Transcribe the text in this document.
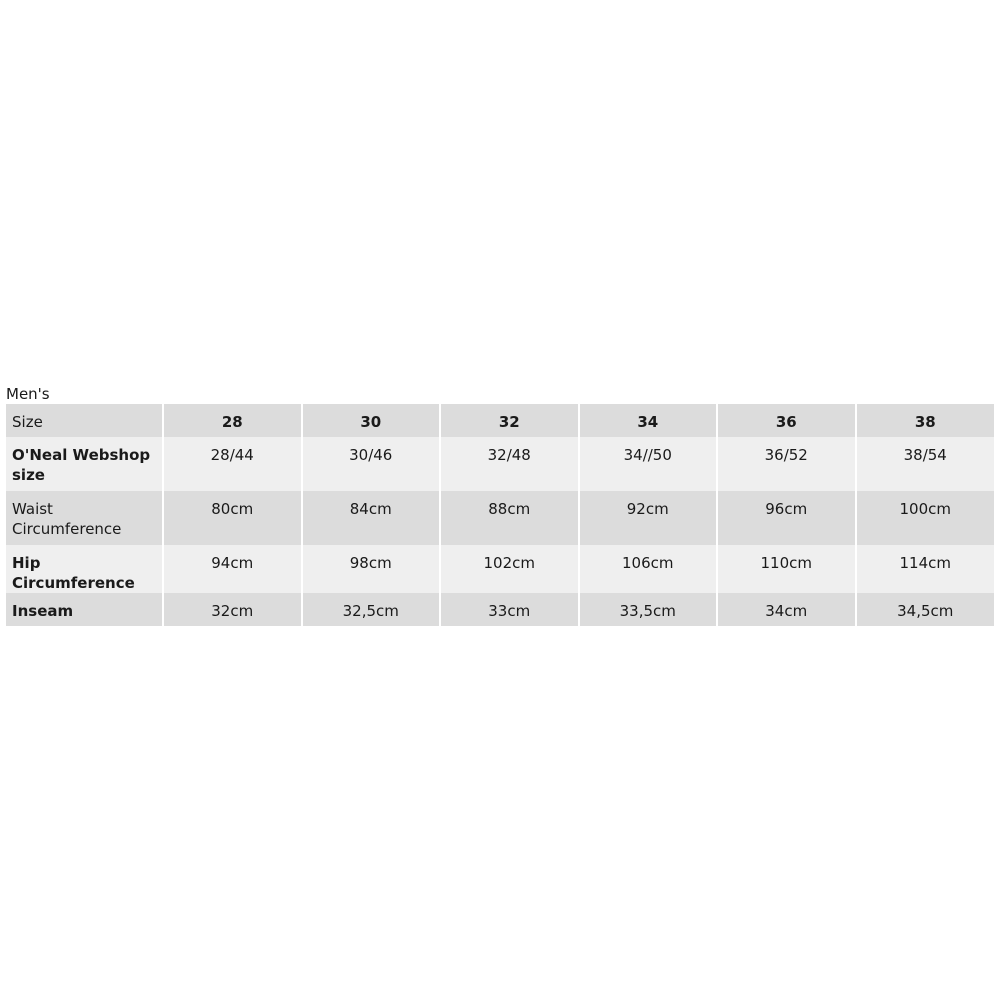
Men's
Size	28	30	32	34	36	38
O'Neal Webshop size	28/44	30/46	32/48	34//50	36/52	38/54
Waist Circumference	80cm	84cm	88cm	92cm	96cm	100cm
Hip Circumference	94cm	98cm	102cm	106cm	110cm	114cm
Inseam	32cm	32,5cm	33cm	33,5cm	34cm	34,5cm
